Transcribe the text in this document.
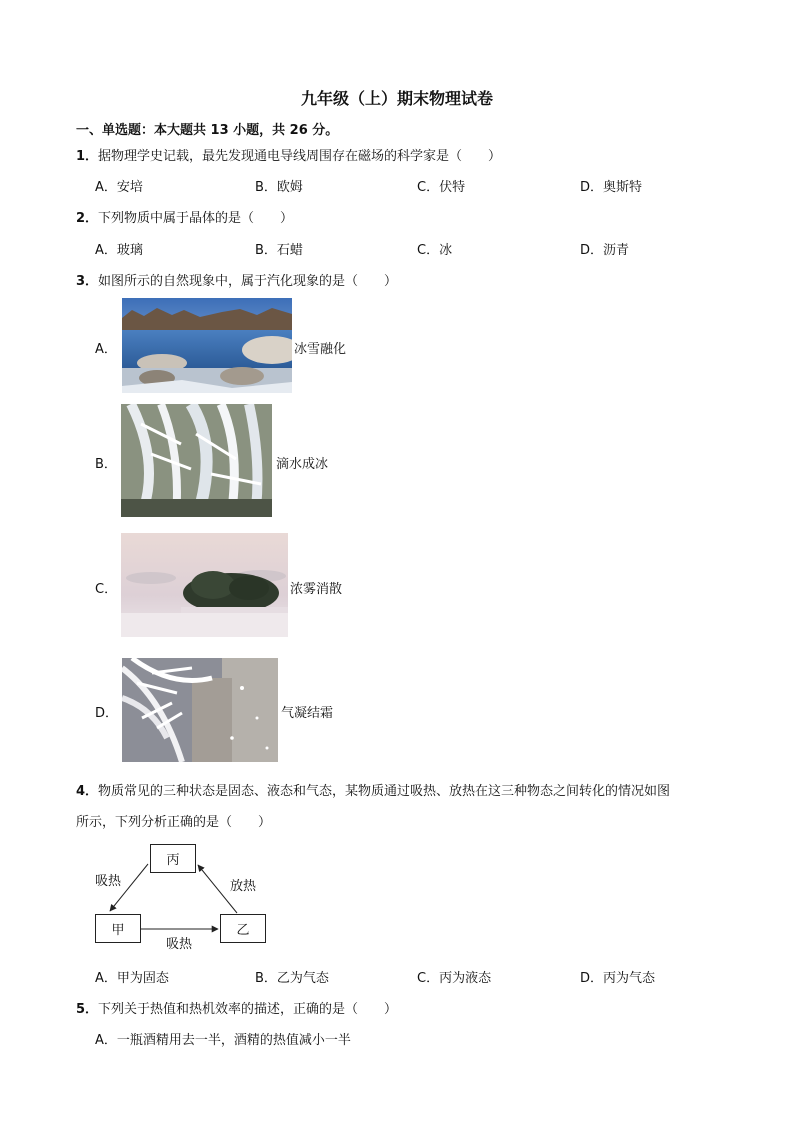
九年级（上）期末物理试卷
一、单选题：本大题共 13 小题，共 26 分。
1．据物理学史记载，最先发现通电导线周围存在磁场的科学家是（　　）
A．安培	B．欧姆	C．伏特	D．奥斯特
2．下列物质中属于晶体的是（　　）
A．玻璃	B．石蜡	C．冰	D．沥青
3．如图所示的自然现象中，属于汽化现象的是（　　）
A．	冰雪融化
B．	滴水成冰
C．	浓雾消散
D．	气凝结霜
4．物质常见的三种状态是固态、液态和气态，某物质通过吸热、放热在这三种物态之间转化的情况如图
所示，下列分析正确的是（　　）
丙
甲	乙
吸热	放热
吸热
A．甲为固态	B．乙为气态	C．丙为液态	D．丙为气态
5．下列关于热值和热机效率的描述，正确的是（　　）
A．一瓶酒精用去一半，酒精的热值减小一半
